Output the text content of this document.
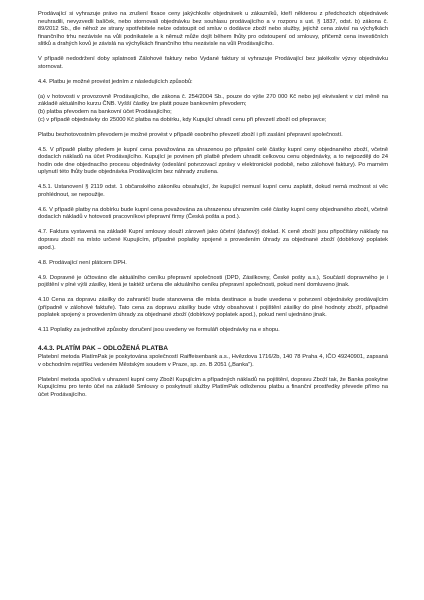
Prodávající si vyhrazuje právo na zrušení fixace ceny jakýchkoliv objednávek u zákazníků, kteří některou z předchozích objednávek neuhradili, nevyzvedli balíček, nebo stornovali objednávku bez souhlasu prodávajícího a v rozporu s ust. § 1837, odst. b) zákona č. 89/2012 Sb., dle něhož ze strany spotřebitele nelze odstoupit od smluv o dodávce zboží nebo služby, jejichž cena závisí na výchylkách finančního trhu nezávisle na vůli podnikatele a k němuž může dojít během lhůty pro odstoupení od smlouvy, přičemž cena investičních slitků a drahých kovů je závislá na výchylkách finančního trhu nezávisle na vůli Prodávajícího.

V případě nedodržení doby splatnosti Zálohové faktury nebo Vydané faktury si vyhrazuje Prodávající bez jakékoliv výzvy objednávku stornovat.

4.4. Platbu je možné provést jedním z následujících způsobů:

(a) v hotovosti v provozovně Prodávajícího, dle zákona č. 254/2004 Sb., pouze do výše 270 000 Kč nebo její ekvivalent v cizí měně na základě aktuálního kurzu ČNB. Vyšší částky lze platit pouze bankovním převodem;

(b) platba převodem na bankovní účet Prodávajícího;

(c) v případě objednávky do 25000 Kč platba na dobírku, kdy Kupující uhradí cenu při převzetí zboží od přepravce;

Platbu bezhotovostním převodem je možné provést v případě osobního převzetí zboží i při zaslání přepravní společností.

4.5. V případě platby předem je kupní cena považována za uhrazenou po připsání celé částky kupní ceny objednaného zboží, včetně dodacích nákladů na účet Prodávajícího. Kupující je povinen při platbě předem uhradit celkovou cenu objednávky, a to nejpozději do 24 hodin ode dne objednacího procesu objednávky (odeslání potvrzovací zprávy v elektronické podobě, nebo zálohové faktury). Po marném uplynutí této lhůty bude objednávka Prodávajícím bez náhrady zrušena.

4.5.1. Ustanovení § 2119 odst. 1 občanského zákoníku obsahující, že kupující nemusí kupní cenu zaplatit, dokud nemá možnost si věc prohlédnout, se nepoužije.

4.6. V případě platby na dobírku bude kupní cena považována za uhrazenou uhrazením celé částky kupní ceny objednaného zboží, včetně dodacích nákladů v hotovosti pracovníkovi přepravní firmy (Česká pošta a pod.).

4.7. Faktura vystavená na základě Kupní smlouvy slouží zároveň jako účetní (daňový) doklad. K ceně zboží jsou připočítány náklady na dopravu zboží na místo určené Kupujícím, případné poplatky spojené s provedením úhrady za objednané zboží (dobírkový poplatek apod.).

4.8. Prodávající není plátcem DPH.

4.9. Dopravné je účtováno dle aktuálního ceníku přepravní společnosti (DPD, Zásilkovny, České pošty a.s.), Součástí dopravného je i pojištění v plné výši zásilky, která je taktéž určena dle aktuálního ceníku přepravní společnosti, pokud není domluveno jinak.

4.10 Cena za dopravu zásilky do zahraničí bude stanovena dle místa destinace a bude uvedena v potvrzení objednávky prodávajícím (případně v zálohové faktuře). Tato cena za dopravu zásilky bude vždy obsahovat i pojištění zásilky do plné hodnoty zboží, případné poplatek spojený s provedením úhrady za objednané zboží (dobírkový poplatek apod.), pokud není ujednáno jinak.

4.11 Poplatky za jednotlivé způsoby doručení jsou uvedeny ve formuláři objednávky na e shopu.

4.4.3. PLATÍM PAK – ODLOŽENÁ PLATBA

Platební metoda PlatímPak je poskytována společností Raiffeisenbank a.s., Hvězdova 1716/2b, 140 78 Praha 4, IČO 49240901, zapsaná v obchodním rejstříku vedeném Městským soudem v Praze, sp. zn. B 2051 („Banka").

Platební metoda spočívá v uhrazení kupní ceny Zboží Kupujícím a případných nákladů na pojištění, dopravu Zboží tak, že Banka poskytne Kupujícímu pro tento účel na základě Smlouvy o poskytnutí služby PlatímPak odloženou platbu a finanční prostředky převede přímo na účet Prodávajícího.
